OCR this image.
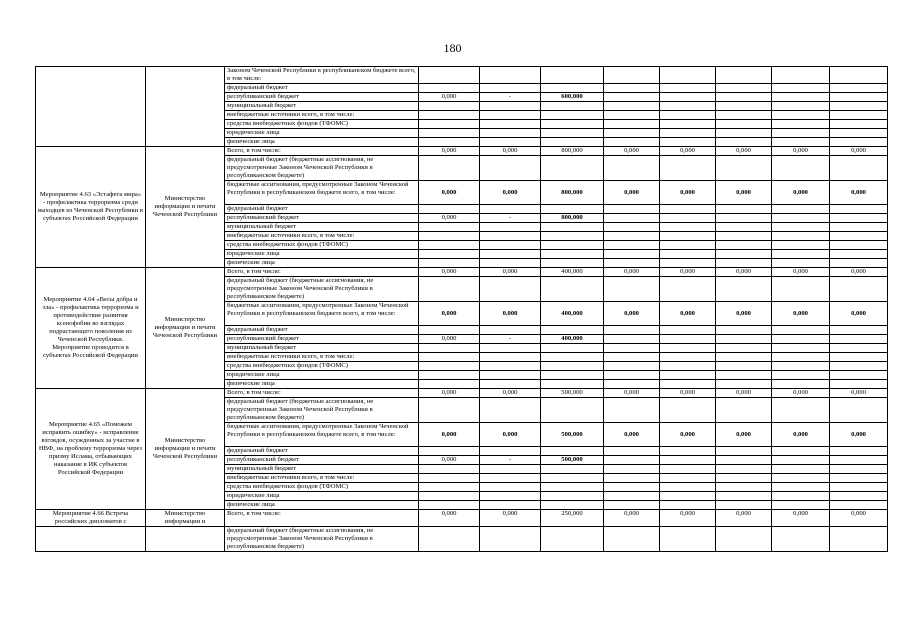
180
		Законом Чеченской Республики в республиканском бюджете всего, в том числе:								
		федеральный бюджет								
		республиканский бюджет	0,000	-	600,000					
		муниципальный бюджет								
		внебюджетные источники всего, в том числе:								
		средства внебюджетных фондов (ТФОМС)								
		юридические лица								
		физические лица								
Мероприятие 4.63 «Эстафета мира» - профилактика терроризма среди выходцев из Чеченской Республики в субъектах Российской Федерации	Министерство информации и печати Чеченской Республики	Всего, в том числе:	0,000	0,000	800,000	0,000	0,000	0,000	0,000	0,000
		федеральный бюджет (бюджетные ассигнования, не предусмотренные Законом Чеченской Республики в республиканском бюджете)								
		бюджетные ассигнования, предусмотренные Законом Чеченской Республики в республиканском бюджете всего, в том числе:	0,000	0,000	800,000	0,000	0,000	0,000	0,000	0,000
		федеральный бюджет								
		республиканский бюджет	0,000	-	800,000					
		муниципальный бюджет								
		внебюджетные источники всего, в том числе:								
		средства внебюджетных фондов (ТФОМС)								
		юридические лица								
		физические лица								
Мероприятие 4.64 «Весы добра и зла» - профилактика терроризма и противодействие развития ксенофобии во взглядах подрастающего поколения из Чеченской Республики. Мероприятие проводится в субъектах Российской Федерации	Министерство информации и печати Чеченской Республики	Всего, в том числе:	0,000	0,000	400,000	0,000	0,000	0,000	0,000	0,000
		федеральный бюджет (бюджетные ассигнования, не предусмотренные Законом Чеченской Республики в республиканском бюджете)								
		бюджетные ассигнования, предусмотренные Законом Чеченской Республики в республиканском бюджете всего, в том числе:	0,000	0,000	400,000	0,000	0,000	0,000	0,000	0,000
		федеральный бюджет								
		республиканский бюджет	0,000	-	400,000					
		муниципальный бюджет								
		внебюджетные источники всего, в том числе:								
		средства внебюджетных фондов (ТФОМС)								
		юридические лица								
		физические лица								
Мероприятие 4.65 «Поможем исправить ошибку» - исправление взглядов, осужденных за участие в НВФ, на проблему терроризма через призму Ислама, отбывающих наказание в ИК субъектов Российской Федерации	Министерство информации и печати Чеченской Республики	Всего, в том числе:	0,000	0,000	500,000	0,000	0,000	0,000	0,000	0,000
		федеральный бюджет (бюджетные ассигнования, не предусмотренные Законом Чеченской Республики в республиканском бюджете)								
		бюджетные ассигнования, предусмотренные Законом Чеченской Республики в республиканском бюджете всего, в том числе:	0,000	0,000	500,000	0,000	0,000	0,000	0,000	0,000
		федеральный бюджет								
		республиканский бюджет	0,000	-	500,000					
		муниципальный бюджет								
		внебюджетные источники всего, в том числе:								
		средства внебюджетных фондов (ТФОМС)								
		юридические лица								
		физические лица								
Мероприятие 4.66 Встреча российских дипломатов с	Министерство информации и	Всего, в том числе:	0,000	0,000	250,000	0,000	0,000	0,000	0,000	0,000
		федеральный бюджет (бюджетные ассигнования, не предусмотренные Законом Чеченской Республики в республиканском бюджете)								
